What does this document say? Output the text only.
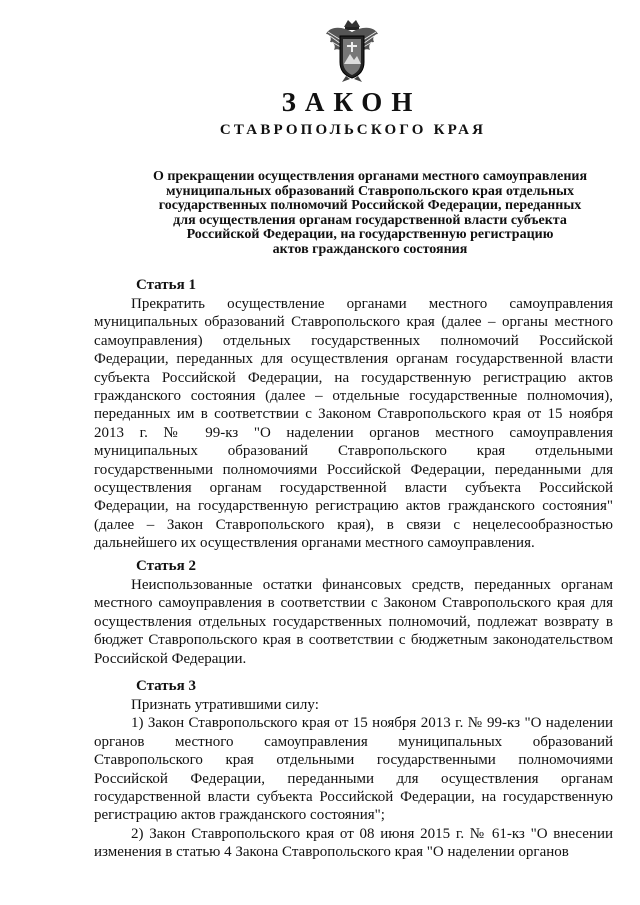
ЗАКОН
СТАВРОПОЛЬСКОГО КРАЯ
О прекращении осуществления органами местного самоуправления
муниципальных образований Ставропольского края отдельных
государственных полномочий Российской Федерации, переданных
для осуществления органам государственной власти субъекта
Российской Федерации, на государственную регистрацию
актов гражданского состояния
Статья 1

Прекратить осуществление органами местного самоуправления муниципальных образований Ставропольского края (далее – органы местного самоуправления) отдельных государственных полномочий Российской Федерации, переданных для осуществления органам государственной власти субъекта Российской Федерации, на государственную регистрацию актов гражданского состояния (далее – отдельные государственные полномочия), переданных им в соответствии с Законом Ставропольского края от 15 ноября 2013 г. № 99-кз "О наделении органов местного самоуправления муниципальных образований Ставропольского края отдельными государственными полномочиями Российской Федерации, переданными для осуществления органам государственной власти субъекта Российской Федерации, на государственную регистрацию актов гражданского состояния" (далее – Закон Ставропольского края), в связи с нецелесообразностью дальнейшего их осуществления органами местного самоуправления.

Статья 2

Неиспользованные остатки финансовых средств, переданных органам местного самоуправления в соответствии с Законом Ставропольского края для осуществления отдельных государственных полномочий, подлежат возврату в бюджет Ставропольского края в соответствии с бюджетным законодательством Российской Федерации.

Статья 3

Признать утратившими силу:

1) Закон Ставропольского края от 15 ноября 2013 г. № 99-кз "О наделении органов местного самоуправления муниципальных образований Ставропольского края отдельными государственными полномочиями Российской Федерации, переданными для осуществления органам государственной власти субъекта Российской Федерации, на государственную регистрацию актов гражданского состояния";

2) Закон Ставропольского края от 08 июня 2015 г. № 61-кз "О внесении изменения в статью 4 Закона Ставропольского края "О наделении органов
